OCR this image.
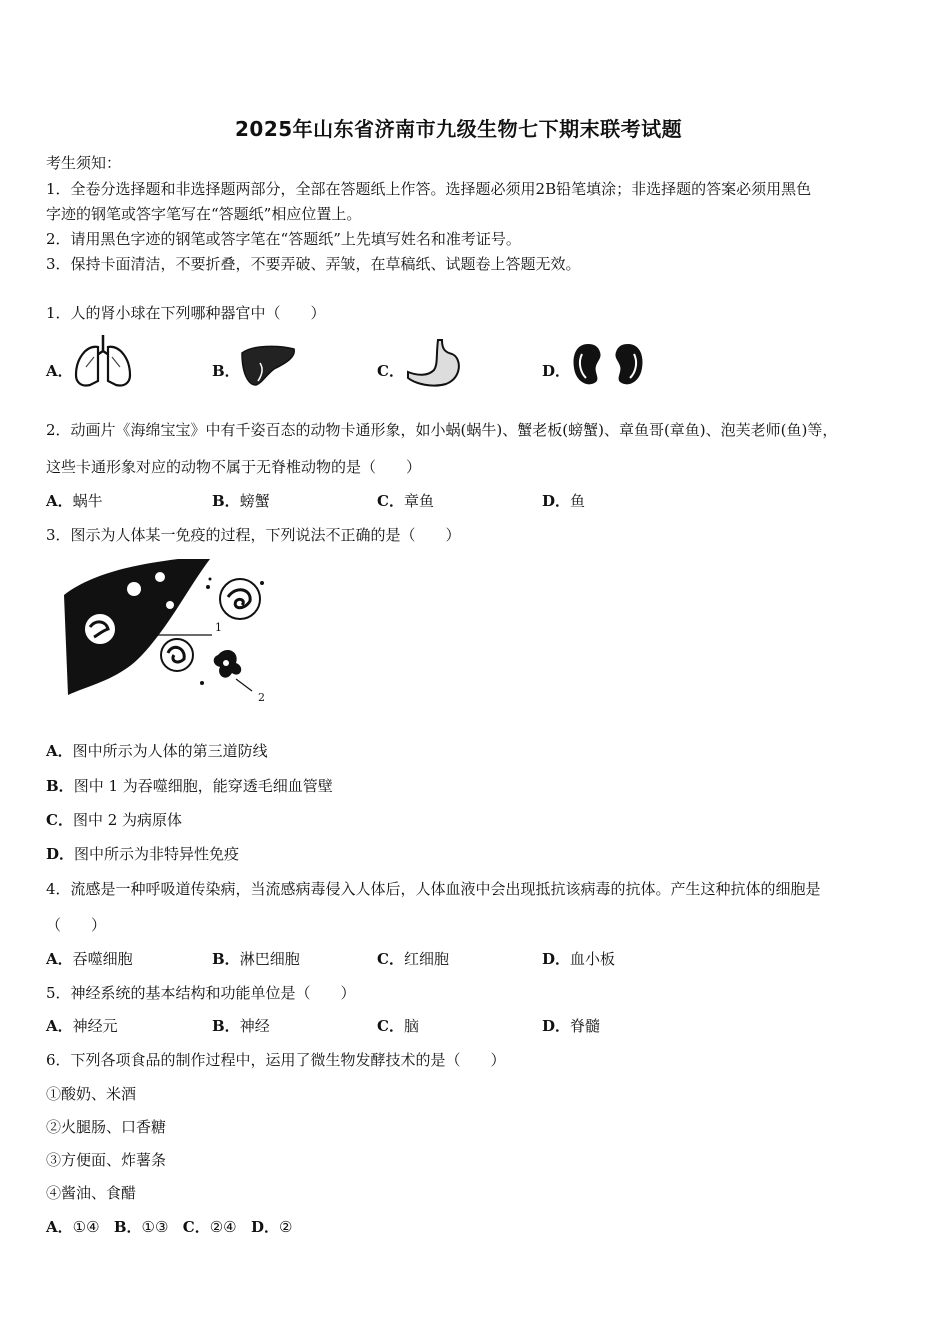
2025年山东省济南市九级生物七下期末联考试题
考生须知：
1．全卷分选择题和非选择题两部分，全部在答题纸上作答。选择题必须用2B铅笔填涂；非选择题的答案必须用黑色
字迹的钢笔或答字笔写在“答题纸”相应位置上。
2．请用黑色字迹的钢笔或答字笔在“答题纸”上先填写姓名和准考证号。
3．保持卡面清洁，不要折叠，不要弄破、弄皱，在草稿纸、试题卷上答题无效。
1．人的肾小球在下列哪种器官中（　　）
A．	B．	C．	D．
2．动画片《海绵宝宝》中有千姿百态的动物卡通形象，如小蜗(蜗牛)、蟹老板(螃蟹)、章鱼哥(章鱼)、泡芙老师(鱼)等，
这些卡通形象对应的动物不属于无脊椎动物的是（　　）
A．蜗牛	B．螃蟹	C．章鱼	D．鱼
3．图示为人体某一免疫的过程，下列说法不正确的是（　　）
1
2
A．图中所示为人体的第三道防线
B．图中 1 为吞噬细胞，能穿透毛细血管壁
C．图中 2 为病原体
D．图中所示为非特异性免疫
4．流感是一种呼吸道传染病，当流感病毒侵入人体后，人体血液中会出现抵抗该病毒的抗体。产生这种抗体的细胞是
（　　）
A．吞噬细胞	B．淋巴细胞	C．红细胞	D．血小板
5．神经系统的基本结构和功能单位是（　　）
A．神经元	B．神经	C．脑	D．脊髓
6．下列各项食品的制作过程中，运用了微生物发酵技术的是（　　）
①酸奶、米酒
②火腿肠、口香糖
③方便面、炸薯条
④酱油、食醋
A．①④ B．①③ C．②④ D．②
